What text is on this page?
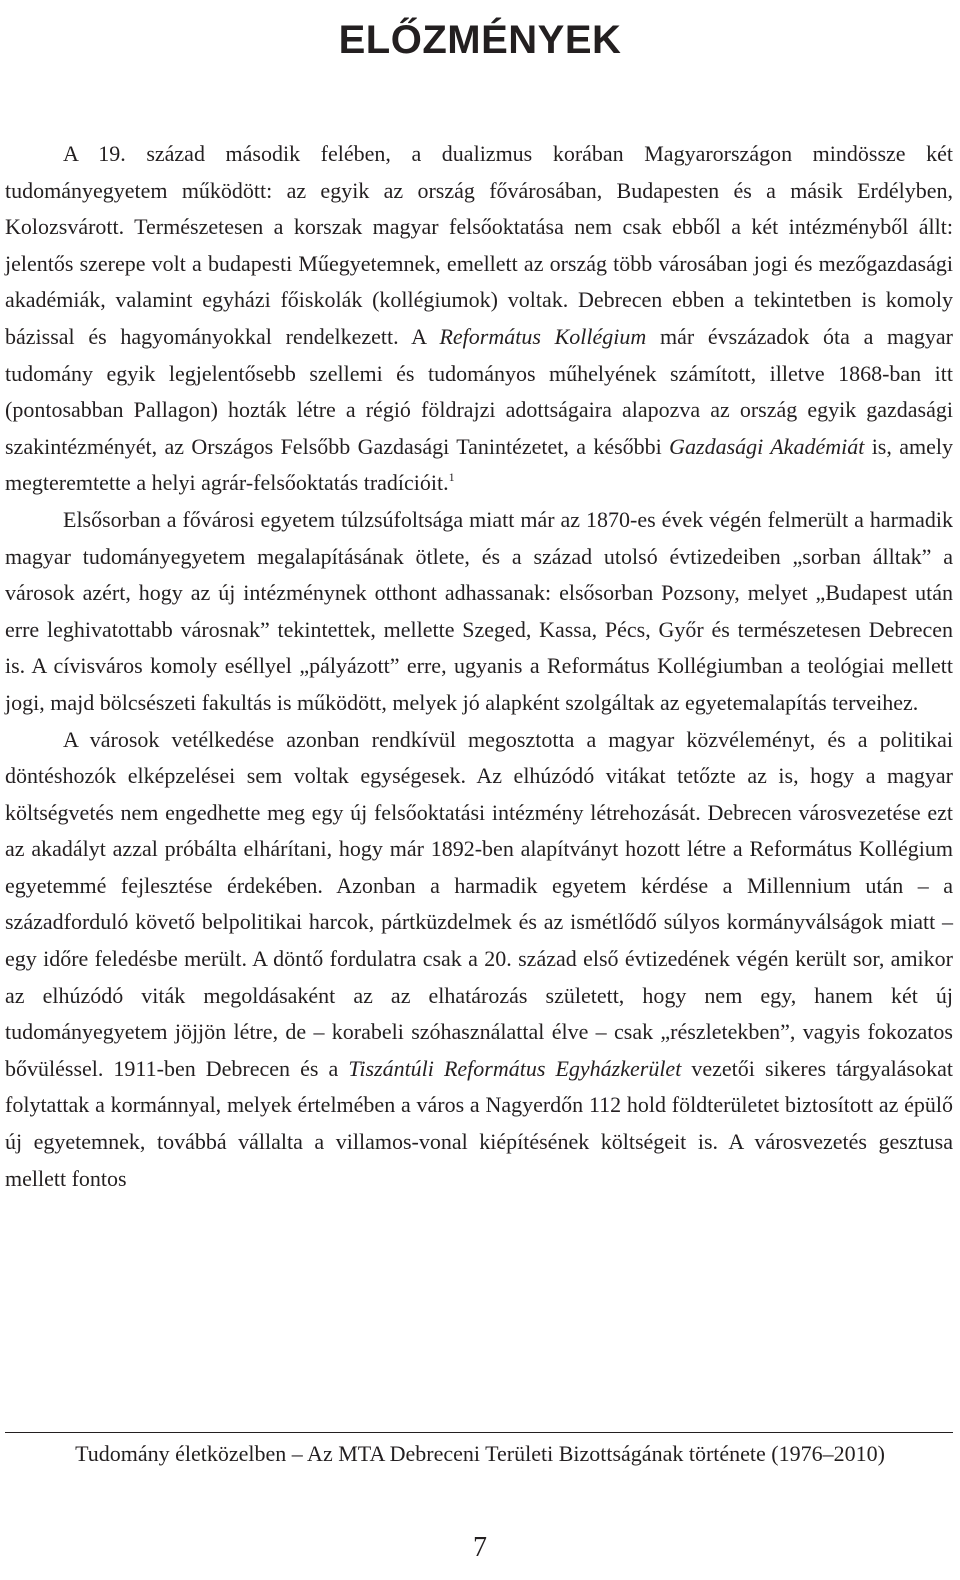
ELŐZMÉNYEK

A 19. század második felében, a dualizmus korában Magyarországon mindössze két tudományegyetem működött: az egyik az ország fővárosában, Budapesten és a másik Erdélyben, Kolozsvárott. Természetesen a korszak magyar felsőoktatása nem csak ebből a két intézményből állt: jelentős szerepe volt a budapesti Műegyetemnek, emellett az ország több városában jogi és mezőgazdasági akadémiák, valamint egyházi főiskolák (kollégiumok) voltak. Debrecen ebben a tekintetben is komoly bázissal és hagyományokkal rendelkezett. A Református Kollégium már évszázadok óta a magyar tudomány egyik legjelentősebb szellemi és tudományos műhelyének számított, illetve 1868-ban itt (pontosabban Pallagon) hozták létre a régió földrajzi adottságaira alapozva az ország egyik gazdasági szakintézményét, az Országos Felsőbb Gazdasági Tanintézetet, a későbbi Gazdasági Akadémiát is, amely megteremtette a helyi agrár-felsőoktatás tradícióit.$^1$

Elsősorban a fővárosi egyetem túlzsúfoltsága miatt már az 1870-es évek végén felmerült a harmadik magyar tudományegyetem megalapításának ötlete, és a század utolsó évtizedeiben „sorban álltak” a városok azért, hogy az új intézménynek otthont adhassanak: elsősorban Pozsony, melyet „Budapest után erre leghivatottabb városnak” tekintettek, mellette Szeged, Kassa, Pécs, Győr és természetesen Debrecen is. A cívisváros komoly eséllyel „pályázott” erre, ugyanis a Református Kollégiumban a teológiai mellett jogi, majd bölcsészeti fakultás is működött, melyek jó alapként szolgáltak az egyetemalapítás terveihez.

A városok vetélkedése azonban rendkívül megosztotta a magyar közvéleményt, és a politikai döntéshozók elképzelései sem voltak egységesek. Az elhúzódó vitákat tetőzte az is, hogy a magyar költségvetés nem engedhette meg egy új felsőoktatási intézmény létrehozását. Debrecen városvezetése ezt az akadályt azzal próbálta elhárítani, hogy már 1892-ben alapítványt hozott létre a Református Kollégium egyetemmé fejlesztése érdekében. Azonban a harmadik egyetem kérdése a Millennium után – a századforduló követő belpolitikai harcok, pártküzdelmek és az ismétlődő súlyos kormányválságok miatt – egy időre feledésbe merült. A döntő fordulatra csak a 20. század első évtizedének végén került sor, amikor az elhúzódó viták megoldásaként az az elhatározás született, hogy nem egy, hanem két új tudományegyetem jöjjön létre, de – korabeli szóhasználattal élve – csak „részletekben”, vagyis fokozatos bővüléssel. 1911-ben Debrecen és a Tiszántúli Református Egyházkerület vezetői sikeres tárgyalásokat folytattak a kormánnyal, melyek értelmében a város a Nagyerdőn 112 hold földterületet biztosított az épülő új egyetemnek, továbbá vállalta a villamos-vonal kiépítésének költségeit is. A városvezetés gesztusa mellett fontos

Tudomány életközelben – Az MTA Debreceni Területi Bizottságának története (1976–2010)
7
